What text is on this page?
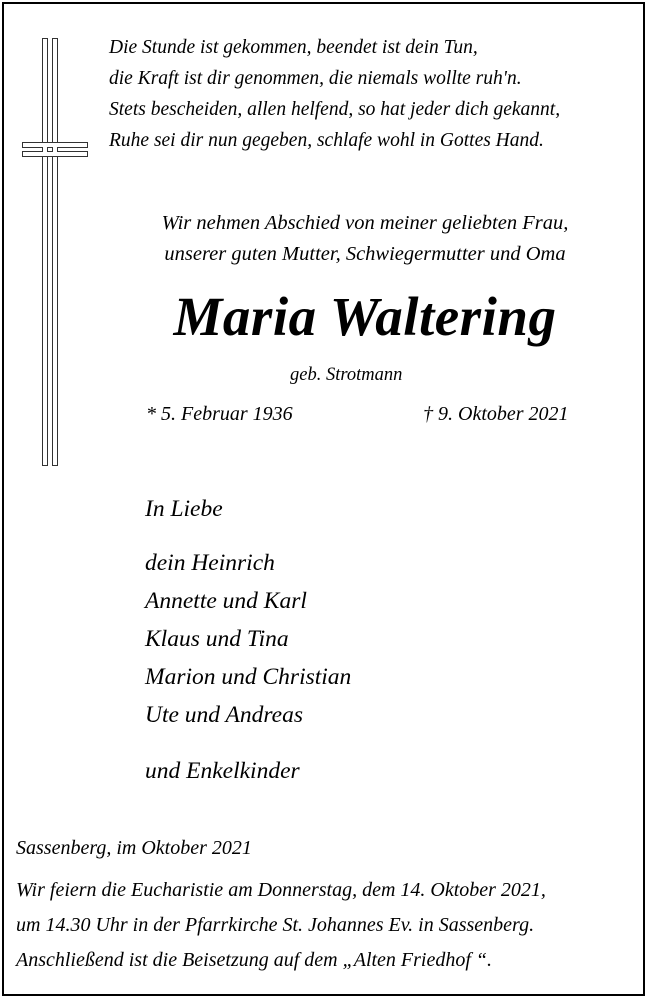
Die Stunde ist gekommen, beendet ist dein Tun,
die Kraft ist dir genommen, die niemals wollte ruh'n.
Stets bescheiden, allen helfend, so hat jeder dich gekannt,
Ruhe sei dir nun gegeben, schlafe wohl in Gottes Hand.
Wir nehmen Abschied von meiner geliebten Frau,
unserer guten Mutter, Schwiegermutter und Oma
Maria Waltering
geb. Strotmann
* 5. Februar 1936	† 9. Oktober 2021
In Liebe
dein Heinrich
Annette und Karl
Klaus und Tina
Marion und Christian
Ute und Andreas
und Enkelkinder
Sassenberg, im Oktober 2021
Wir feiern die Eucharistie am Donnerstag, dem 14. Oktober 2021,
um 14.30 Uhr in der Pfarrkirche St. Johannes Ev. in Sassenberg.
Anschließend ist die Beisetzung auf dem „Alten Friedhof “.
